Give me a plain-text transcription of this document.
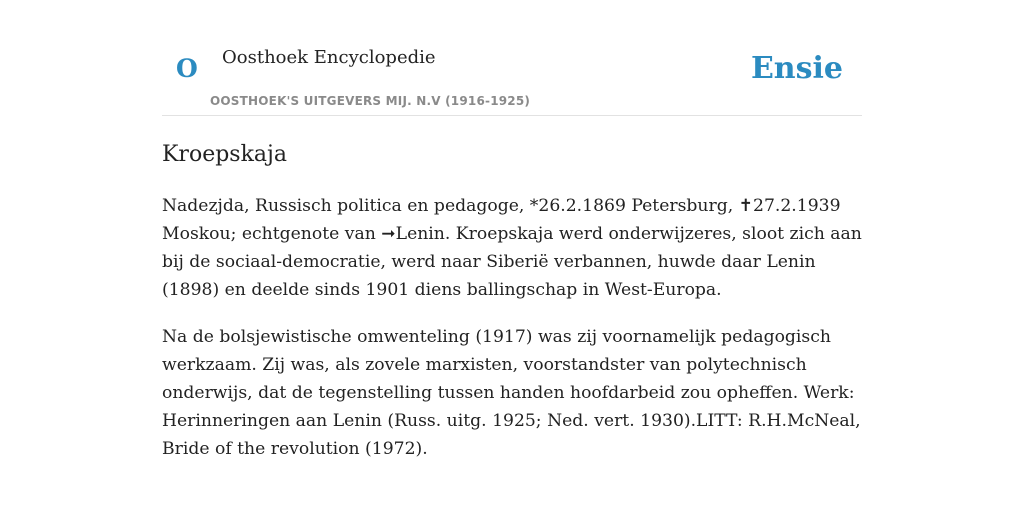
O Oosthoek Encyclopedie
OOSTHOEK'S UITGEVERS MIJ. N.V (1916-1925)
Ensie
Kroepskaja

Nadezjda, Russisch politica en pedagoge, *26.2.1869 Petersburg, ✝27.2.1939 Moskou; echtgenote van ➞Lenin. Kroepskaja werd onderwijzeres, sloot zich aan bij de sociaal-democratie, werd naar Siberië verbannen, huwde daar Lenin (1898) en deelde sinds 1901 diens ballingschap in West-Europa.

Na de bolsjewistische omwenteling (1917) was zij voornamelijk pedagogisch werkzaam. Zij was, als zovele marxisten, voorstandster van polytechnisch onderwijs, dat de tegenstelling tussen handen hoofdarbeid zou opheffen. Werk: Herinneringen aan Lenin (Russ. uitg. 1925; Ned. vert. 1930).LITT: R.H.McNeal, Bride of the revolution (1972).
